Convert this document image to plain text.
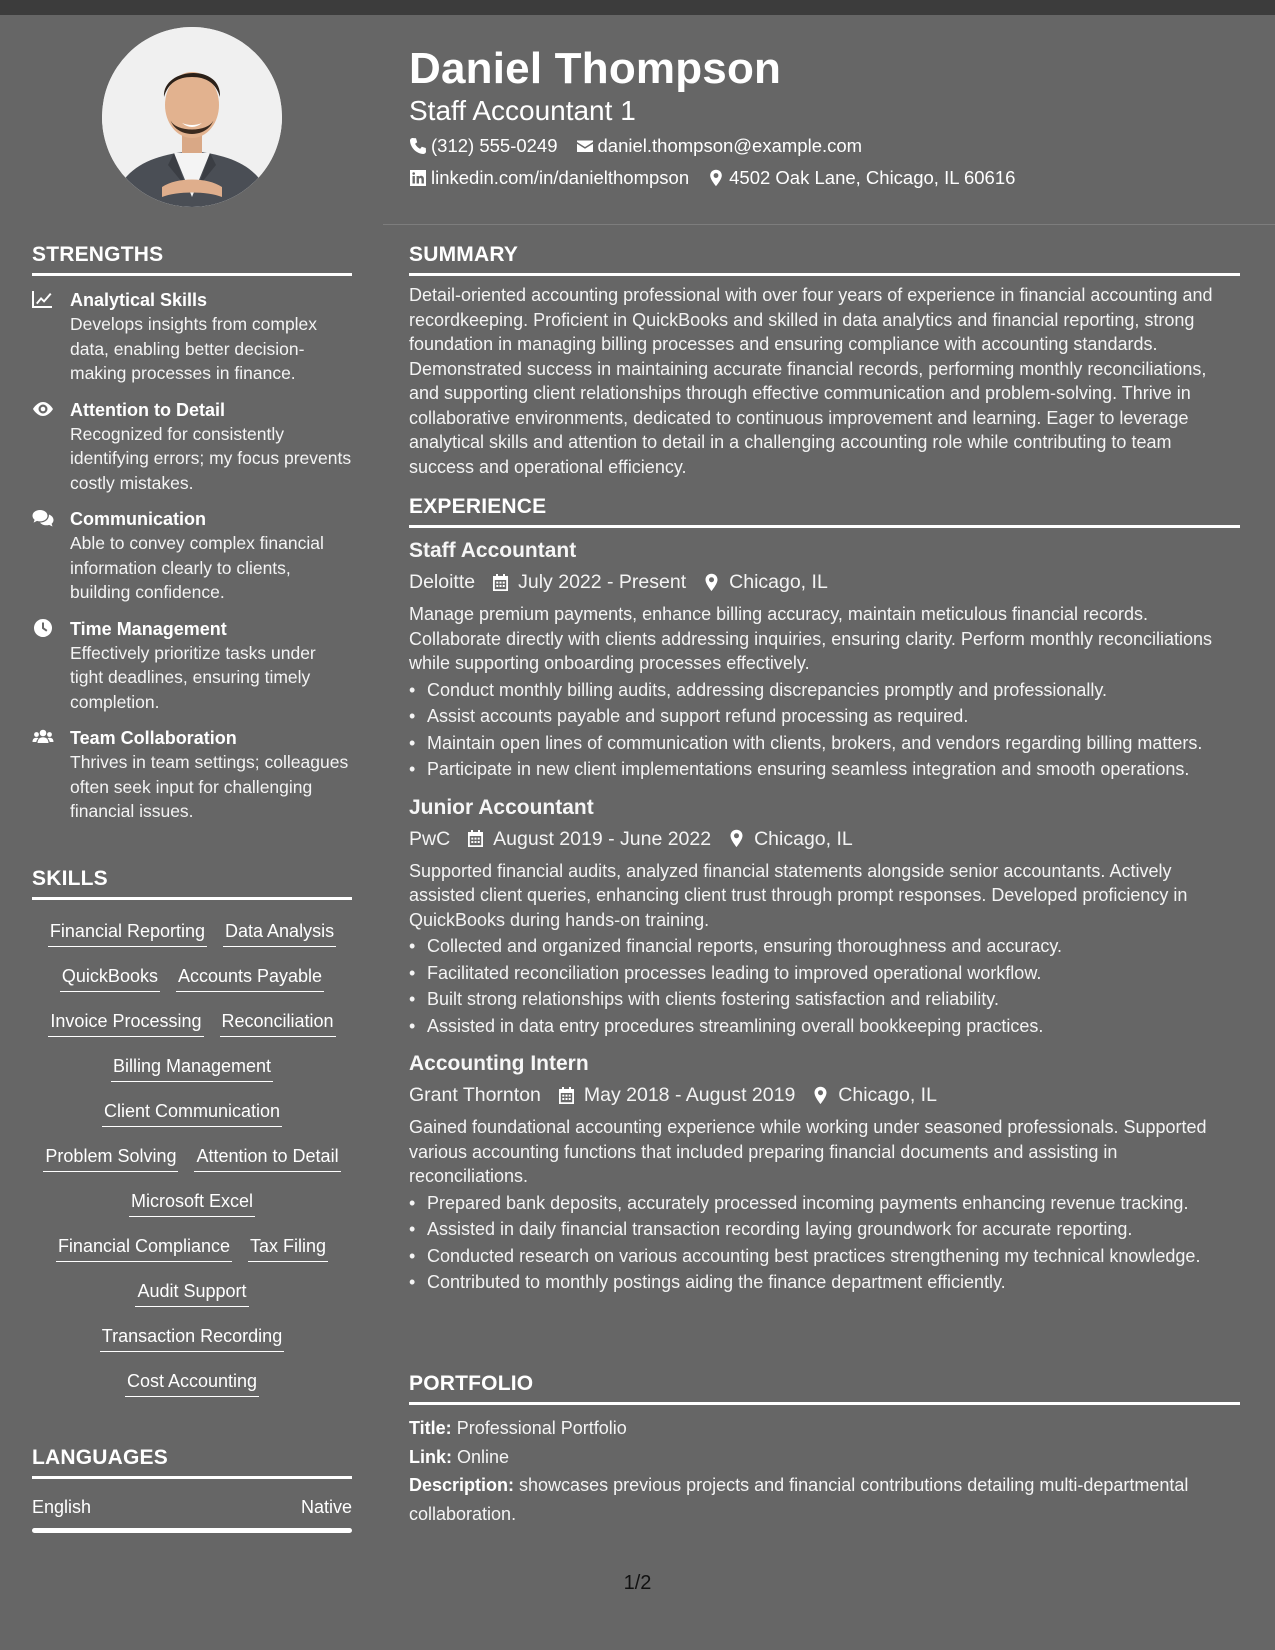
STRENGTHS
Analytical Skills
Develops insights from complex data, enabling better decision-making processes in finance.
Attention to Detail
Recognized for consistently identifying errors; my focus prevents costly mistakes.
Communication
Able to convey complex financial information clearly to clients, building confidence.
Time Management
Effectively prioritize tasks under tight deadlines, ensuring timely completion.
Team Collaboration
Thrives in team settings; colleagues often seek input for challenging financial issues.
SKILLS
Financial Reporting Data Analysis
QuickBooks Accounts Payable
Invoice Processing Reconciliation
Billing Management
Client Communication
Problem Solving Attention to Detail
Microsoft Excel
Financial Compliance Tax Filing
Audit Support
Transaction Recording
Cost Accounting
LANGUAGES
English	Native
Daniel Thompson
Staff Accountant 1
(312) 555-0249 daniel.thompson@example.com
linkedin.com/in/danielthompson 4502 Oak Lane, Chicago, IL 60616
SUMMARY

Detail-oriented accounting professional with over four years of experience in financial accounting and recordkeeping. Proficient in QuickBooks and skilled in data analytics and financial reporting, strong foundation in managing billing processes and ensuring compliance with accounting standards. Demonstrated success in maintaining accurate financial records, performing monthly reconciliations, and supporting client relationships through effective communication and problem-solving. Thrive in collaborative environments, dedicated to continuous improvement and learning. Eager to leverage analytical skills and attention to detail in a challenging accounting role while contributing to team success and operational efficiency.

EXPERIENCE
Staff Accountant
Deloitte July 2022 - Present Chicago, IL

Manage premium payments, enhance billing accuracy, maintain meticulous financial records. Collaborate directly with clients addressing inquiries, ensuring clarity. Perform monthly reconciliations while supporting onboarding processes effectively.

• Conduct monthly billing audits, addressing discrepancies promptly and professionally.
• Assist accounts payable and support refund processing as required.
• Maintain open lines of communication with clients, brokers, and vendors regarding billing matters.
• Participate in new client implementations ensuring seamless integration and smooth operations.
Junior Accountant
PwC August 2019 - June 2022 Chicago, IL

Supported financial audits, analyzed financial statements alongside senior accountants. Actively assisted client queries, enhancing client trust through prompt responses. Developed proficiency in QuickBooks during hands-on training.

• Collected and organized financial reports, ensuring thoroughness and accuracy.
• Facilitated reconciliation processes leading to improved operational workflow.
• Built strong relationships with clients fostering satisfaction and reliability.
• Assisted in data entry procedures streamlining overall bookkeeping practices.
Accounting Intern
Grant Thornton May 2018 - August 2019 Chicago, IL

Gained foundational accounting experience while working under seasoned professionals. Supported various accounting functions that included preparing financial documents and assisting in reconciliations.

• Prepared bank deposits, accurately processed incoming payments enhancing revenue tracking.
• Assisted in daily financial transaction recording laying groundwork for accurate reporting.
• Conducted research on various accounting best practices strengthening my technical knowledge.
• Contributed to monthly postings aiding the finance department efficiently.
PORTFOLIO
Title: Professional Portfolio
Link: Online
Description: showcases previous projects and financial contributions detailing multi-departmental collaboration.
1/2
